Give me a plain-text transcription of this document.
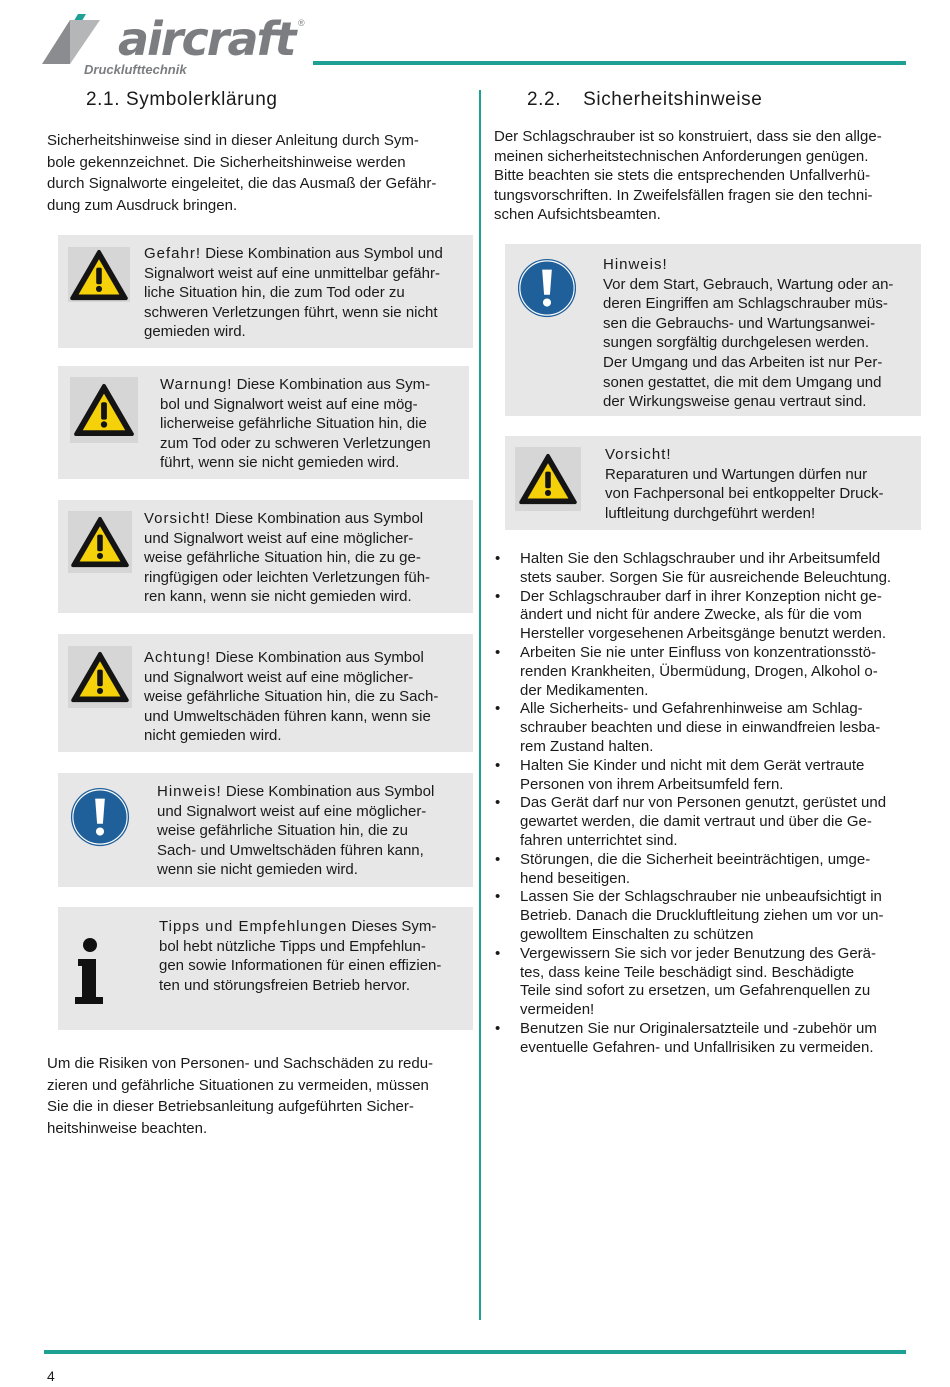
aircraft ®
Drucklufttechnik
2.1. Symbolerklärung
Sicherheitshinweise sind in dieser Anleitung durch Sym-
bole gekennzeichnet. Die Sicherheitshinweise werden
durch Signalworte eingeleitet, die das Ausmaß der Gefähr-
dung zum Ausdruck bringen.
Gefahr! Diese Kombination aus Symbol und
Signalwort weist auf eine unmittelbar gefähr-
liche Situation hin, die zum Tod oder zu
schweren Verletzungen führt, wenn sie nicht
gemieden wird.
Warnung! Diese Kombination aus Sym-
bol und Signalwort weist auf eine mög-
licherweise gefährliche Situation hin, die
zum Tod oder zu schweren Verletzungen
führt, wenn sie nicht gemieden wird.
Vorsicht! Diese Kombination aus Symbol
und Signalwort weist auf eine möglicher-
weise gefährliche Situation hin, die zu ge-
ringfügigen oder leichten Verletzungen füh-
ren kann, wenn sie nicht gemieden wird.
Achtung! Diese Kombination aus Symbol
und Signalwort weist auf eine möglicher-
weise gefährliche Situation hin, die zu Sach-
und Umweltschäden führen kann, wenn sie
nicht gemieden wird.
Hinweis! Diese Kombination aus Symbol
und Signalwort weist auf eine möglicher-
weise gefährliche Situation hin, die zu
Sach- und Umweltschäden führen kann,
wenn sie nicht gemieden wird.
Tipps und Empfehlungen Dieses Sym-
bol hebt nützliche Tipps und Empfehlun-
gen sowie Informationen für einen effizien-
ten und störungsfreien Betrieb hervor.
Um die Risiken von Personen- und Sachschäden zu redu-
zieren und gefährliche Situationen zu vermeiden, müssen
Sie die in dieser Betriebsanleitung aufgeführten Sicher-
heitshinweise beachten.
2.2. Sicherheitshinweise
Der Schlagschrauber ist so konstruiert, dass sie den allge-
meinen sicherheitstechnischen Anforderungen genügen.
Bitte beachten sie stets die entsprechenden Unfallverhü-
tungsvorschriften. In Zweifelsfällen fragen sie den techni-
schen Aufsichtsbeamten.
Hinweis!
Vor dem Start, Gebrauch, Wartung oder an-
deren Eingriffen am Schlagschrauber müs-
sen die Gebrauchs- und Wartungsanwei-
sungen sorgfältig durchgelesen werden.
Der Umgang und das Arbeiten ist nur Per-
sonen gestattet, die mit dem Umgang und
der Wirkungsweise genau vertraut sind.
Vorsicht!
Reparaturen und Wartungen dürfen nur
von Fachpersonal bei entkoppelter Druck-
luftleitung durchgeführt werden!
• Halten Sie den Schlagschrauber und ihr Arbeitsumfeld
stets sauber. Sorgen Sie für ausreichende Beleuchtung.
• Der Schlagschrauber darf in ihrer Konzeption nicht ge-
ändert und nicht für andere Zwecke, als für die vom
Hersteller vorgesehenen Arbeitsgänge benutzt werden.
• Arbeiten Sie nie unter Einfluss von konzentrationsstö-
renden Krankheiten, Übermüdung, Drogen, Alkohol o-
der Medikamenten.
• Alle Sicherheits- und Gefahrenhinweise am Schlag-
schrauber beachten und diese in einwandfreien lesba-
rem Zustand halten.
• Halten Sie Kinder und nicht mit dem Gerät vertraute
Personen von ihrem Arbeitsumfeld fern.
• Das Gerät darf nur von Personen genutzt, gerüstet und
gewartet werden, die damit vertraut und über die Ge-
fahren unterrichtet sind.
• Störungen, die die Sicherheit beeinträchtigen, umge-
hend beseitigen.
• Lassen Sie der Schlagschrauber nie unbeaufsichtigt in
Betrieb. Danach die Druckluftleitung ziehen um vor un-
gewolltem Einschalten zu schützen
• Vergewissern Sie sich vor jeder Benutzung des Gerä-
tes, dass keine Teile beschädigt sind. Beschädigte
Teile sind sofort zu ersetzen, um Gefahrenquellen zu
vermeiden!
• Benutzen Sie nur Originalersatzteile und -zubehör um
eventuelle Gefahren- und Unfallrisiken zu vermeiden.
4
